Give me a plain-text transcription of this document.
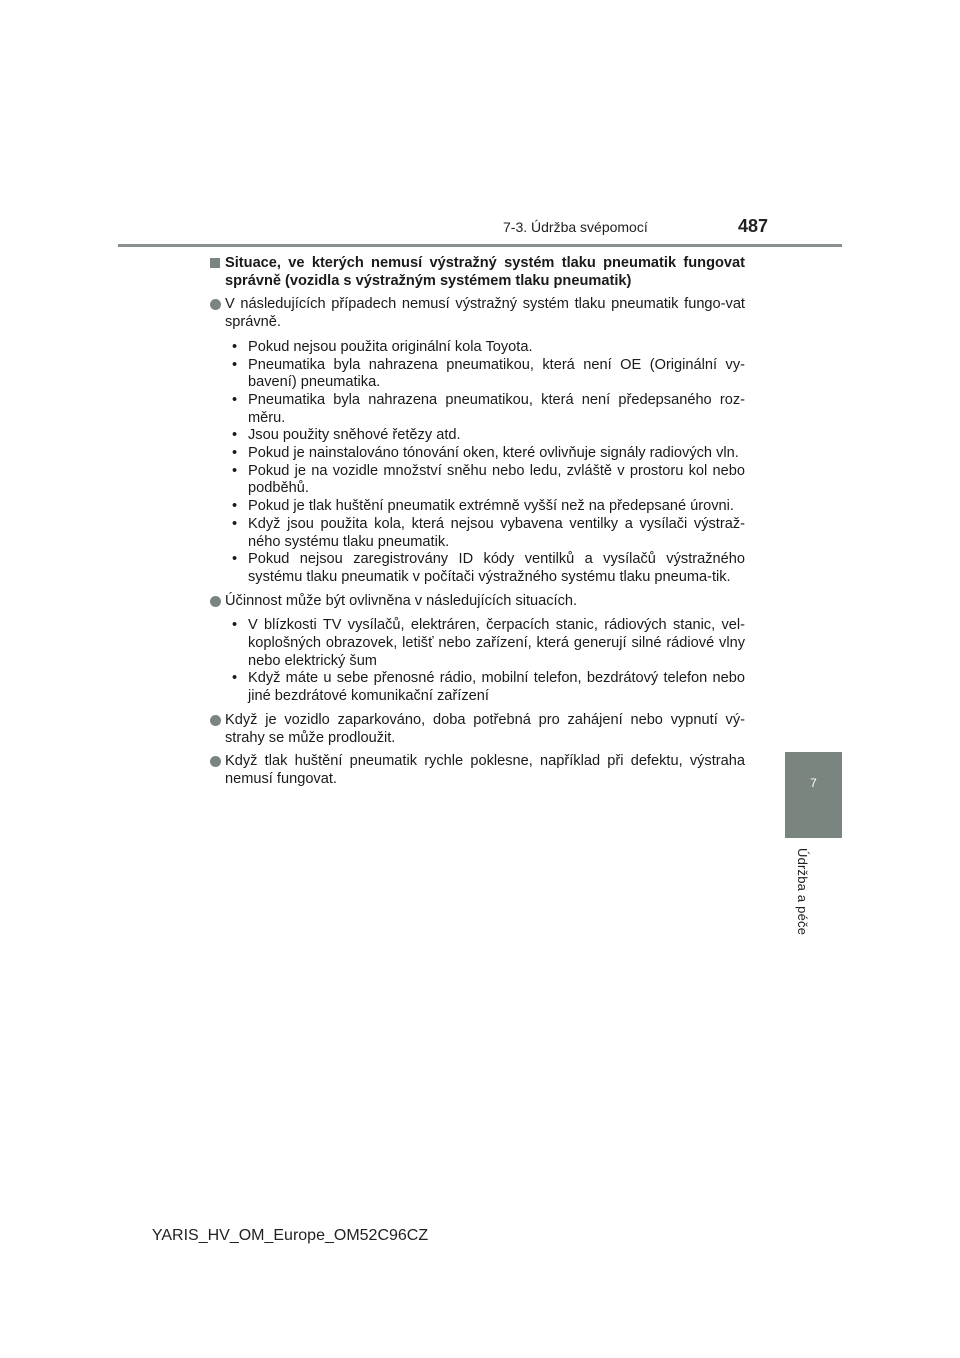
7-3. Údržba svépomocí	487
7
Údržba a péče
Situace, ve kterých nemusí výstražný systém tlaku pneumatik fungovat správně (vozidla s výstražným systémem tlaku pneumatik)
V následujících případech nemusí výstražný systém tlaku pneumatik fungo-vat správně.
• Pokud nejsou použita originální kola Toyota.
• Pneumatika byla nahrazena pneumatikou, která není OE (Originální vy-bavení) pneumatika.
• Pneumatika byla nahrazena pneumatikou, která není předepsaného roz-měru.
• Jsou použity sněhové řetězy atd.
• Pokud je nainstalováno tónování oken, které ovlivňuje signály radiových vln.
• Pokud je na vozidle množství sněhu nebo ledu, zvláště v prostoru kol nebo podběhů.
• Pokud je tlak huštění pneumatik extrémně vyšší než na předepsané úrovni.
• Když jsou použita kola, která nejsou vybavena ventilky a vysílači výstraž-ného systému tlaku pneumatik.
• Pokud nejsou zaregistrovány ID kódy ventilků a vysílačů výstražného systému tlaku pneumatik v počítači výstražného systému tlaku pneuma-tik.
Účinnost může být ovlivněna v následujících situacích.
• V blízkosti TV vysílačů, elektráren, čerpacích stanic, rádiových stanic, vel-koplošných obrazovek, letišť nebo zařízení, která generují silné rádiové vlny nebo elektrický šum
• Když máte u sebe přenosné rádio, mobilní telefon, bezdrátový telefon nebo jiné bezdrátové komunikační zařízení
Když je vozidlo zaparkováno, doba potřebná pro zahájení nebo vypnutí vý-strahy se může prodloužit.
Když tlak huštění pneumatik rychle poklesne, například při defektu, výstraha nemusí fungovat.
YARIS_HV_OM_Europe_OM52C96CZ
